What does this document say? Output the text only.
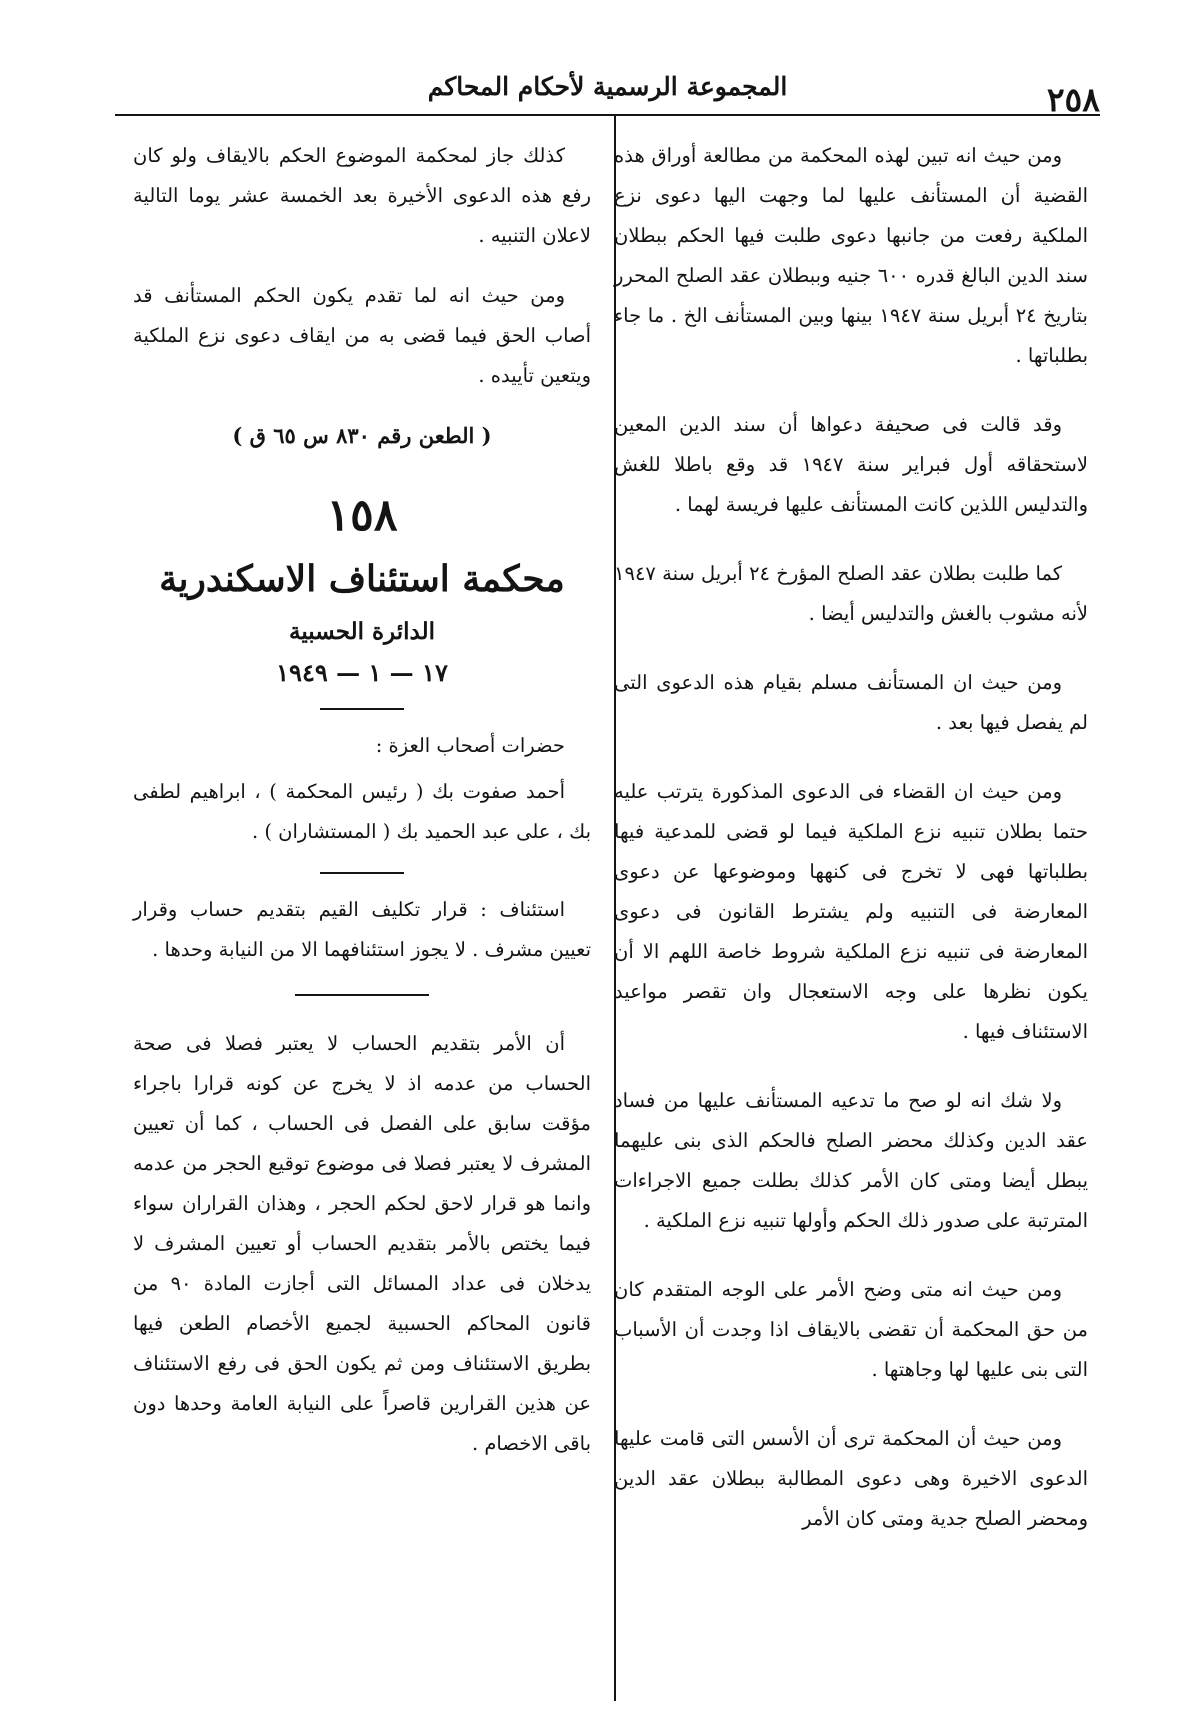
٢٥٨
المجموعة الرسمية لأحكام المحاكم

ومن حيث انه تبين لهذه المحكمة من مطالعة أوراق هذه القضية أن المستأنف عليها لما وجهت اليها دعوى نزع الملكية رفعت من جانبها دعوى طلبت فيها الحكم ببطلان سند الدين البالغ قدره ٦٠٠ جنيه وببطلان عقد الصلح المحرر بتاريخ ٢٤ أبريل سنة ١٩٤٧ بينها وبين المستأنف الخ . ما جاء بطلباتها .

وقد قالت فى صحيفة دعواها أن سند الدين المعين لاستحقاقه أول فبراير سنة ١٩٤٧ قد وقع باطلا للغش والتدليس اللذين كانت المستأنف عليها فريسة لهما .

كما طلبت بطلان عقد الصلح المؤرخ ٢٤ أبريل سنة ١٩٤٧ لأنه مشوب بالغش والتدليس أيضا .

ومن حيث ان المستأنف مسلم بقيام هذه الدعوى التى لم يفصل فيها بعد .

ومن حيث ان القضاء فى الدعوى المذكورة يترتب عليه حتما بطلان تنبيه نزع الملكية فيما لو قضى للمدعية فيها بطلباتها فهى لا تخرج فى كنهها وموضوعها عن دعوى المعارضة فى التنبيه ولم يشترط القانون فى دعوى المعارضة فى تنبيه نزع الملكية شروط خاصة اللهم الا أن يكون نظرها على وجه الاستعجال وان تقصر مواعيد الاستئناف فيها .

ولا شك انه لو صح ما تدعيه المستأنف عليها من فساد عقد الدين وكذلك محضر الصلح فالحكم الذى بنى عليهما يبطل أيضا ومتى كان الأمر كذلك بطلت جميع الاجراءات المترتبة على صدور ذلك الحكم وأولها تنبيه نزع الملكية .

ومن حيث انه متى وضح الأمر على الوجه المتقدم كان من حق المحكمة أن تقضى بالايقاف اذا وجدت أن الأسباب التى بنى عليها لها وجاهتها .

ومن حيث أن المحكمة ترى أن الأسس التى قامت عليها الدعوى الاخيرة وهى دعوى المطالبة ببطلان عقد الدين ومحضر الصلح جدية ومتى كان الأمر

كذلك جاز لمحكمة الموضوع الحكم بالايقاف ولو كان رفع هذه الدعوى الأخيرة بعد الخمسة عشر يوما التالية لاعلان التنبيه .

ومن حيث انه لما تقدم يكون الحكم المستأنف قد أصاب الحق فيما قضى به من ايقاف دعوى نزع الملكية ويتعين تأييده .

( الطعن رقم ٨٣٠ س ٦٥ ق )

١٥٨
محكمة استئناف الاسكندرية
الدائرة الحسبية
١٧ — ١ — ١٩٤٩

حضرات أصحاب العزة :

أحمد صفوت بك ( رئيس المحكمة ) ، ابراهيم لطفى بك ، على عبد الحميد بك ( المستشاران ) .

استئناف : قرار تكليف القيم بتقديم حساب وقرار تعيين مشرف . لا يجوز استئنافهما الا من النيابة وحدها .

أن الأمر بتقديم الحساب لا يعتبر فصلا فى صحة الحساب من عدمه اذ لا يخرج عن كونه قرارا باجراء مؤقت سابق على الفصل فى الحساب ، كما أن تعيين المشرف لا يعتبر فصلا فى موضوع توقيع الحجر من عدمه وانما هو قرار لاحق لحكم الحجر ، وهذان القراران سواء فيما يختص بالأمر بتقديم الحساب أو تعيين المشرف لا يدخلان فى عداد المسائل التى أجازت المادة ٩٠ من قانون المحاكم الحسبية لجميع الأخصام الطعن فيها بطريق الاستئناف ومن ثم يكون الحق فى رفع الاستئناف عن هذين القرارين قاصراً على النيابة العامة وحدها دون باقى الاخصام .
